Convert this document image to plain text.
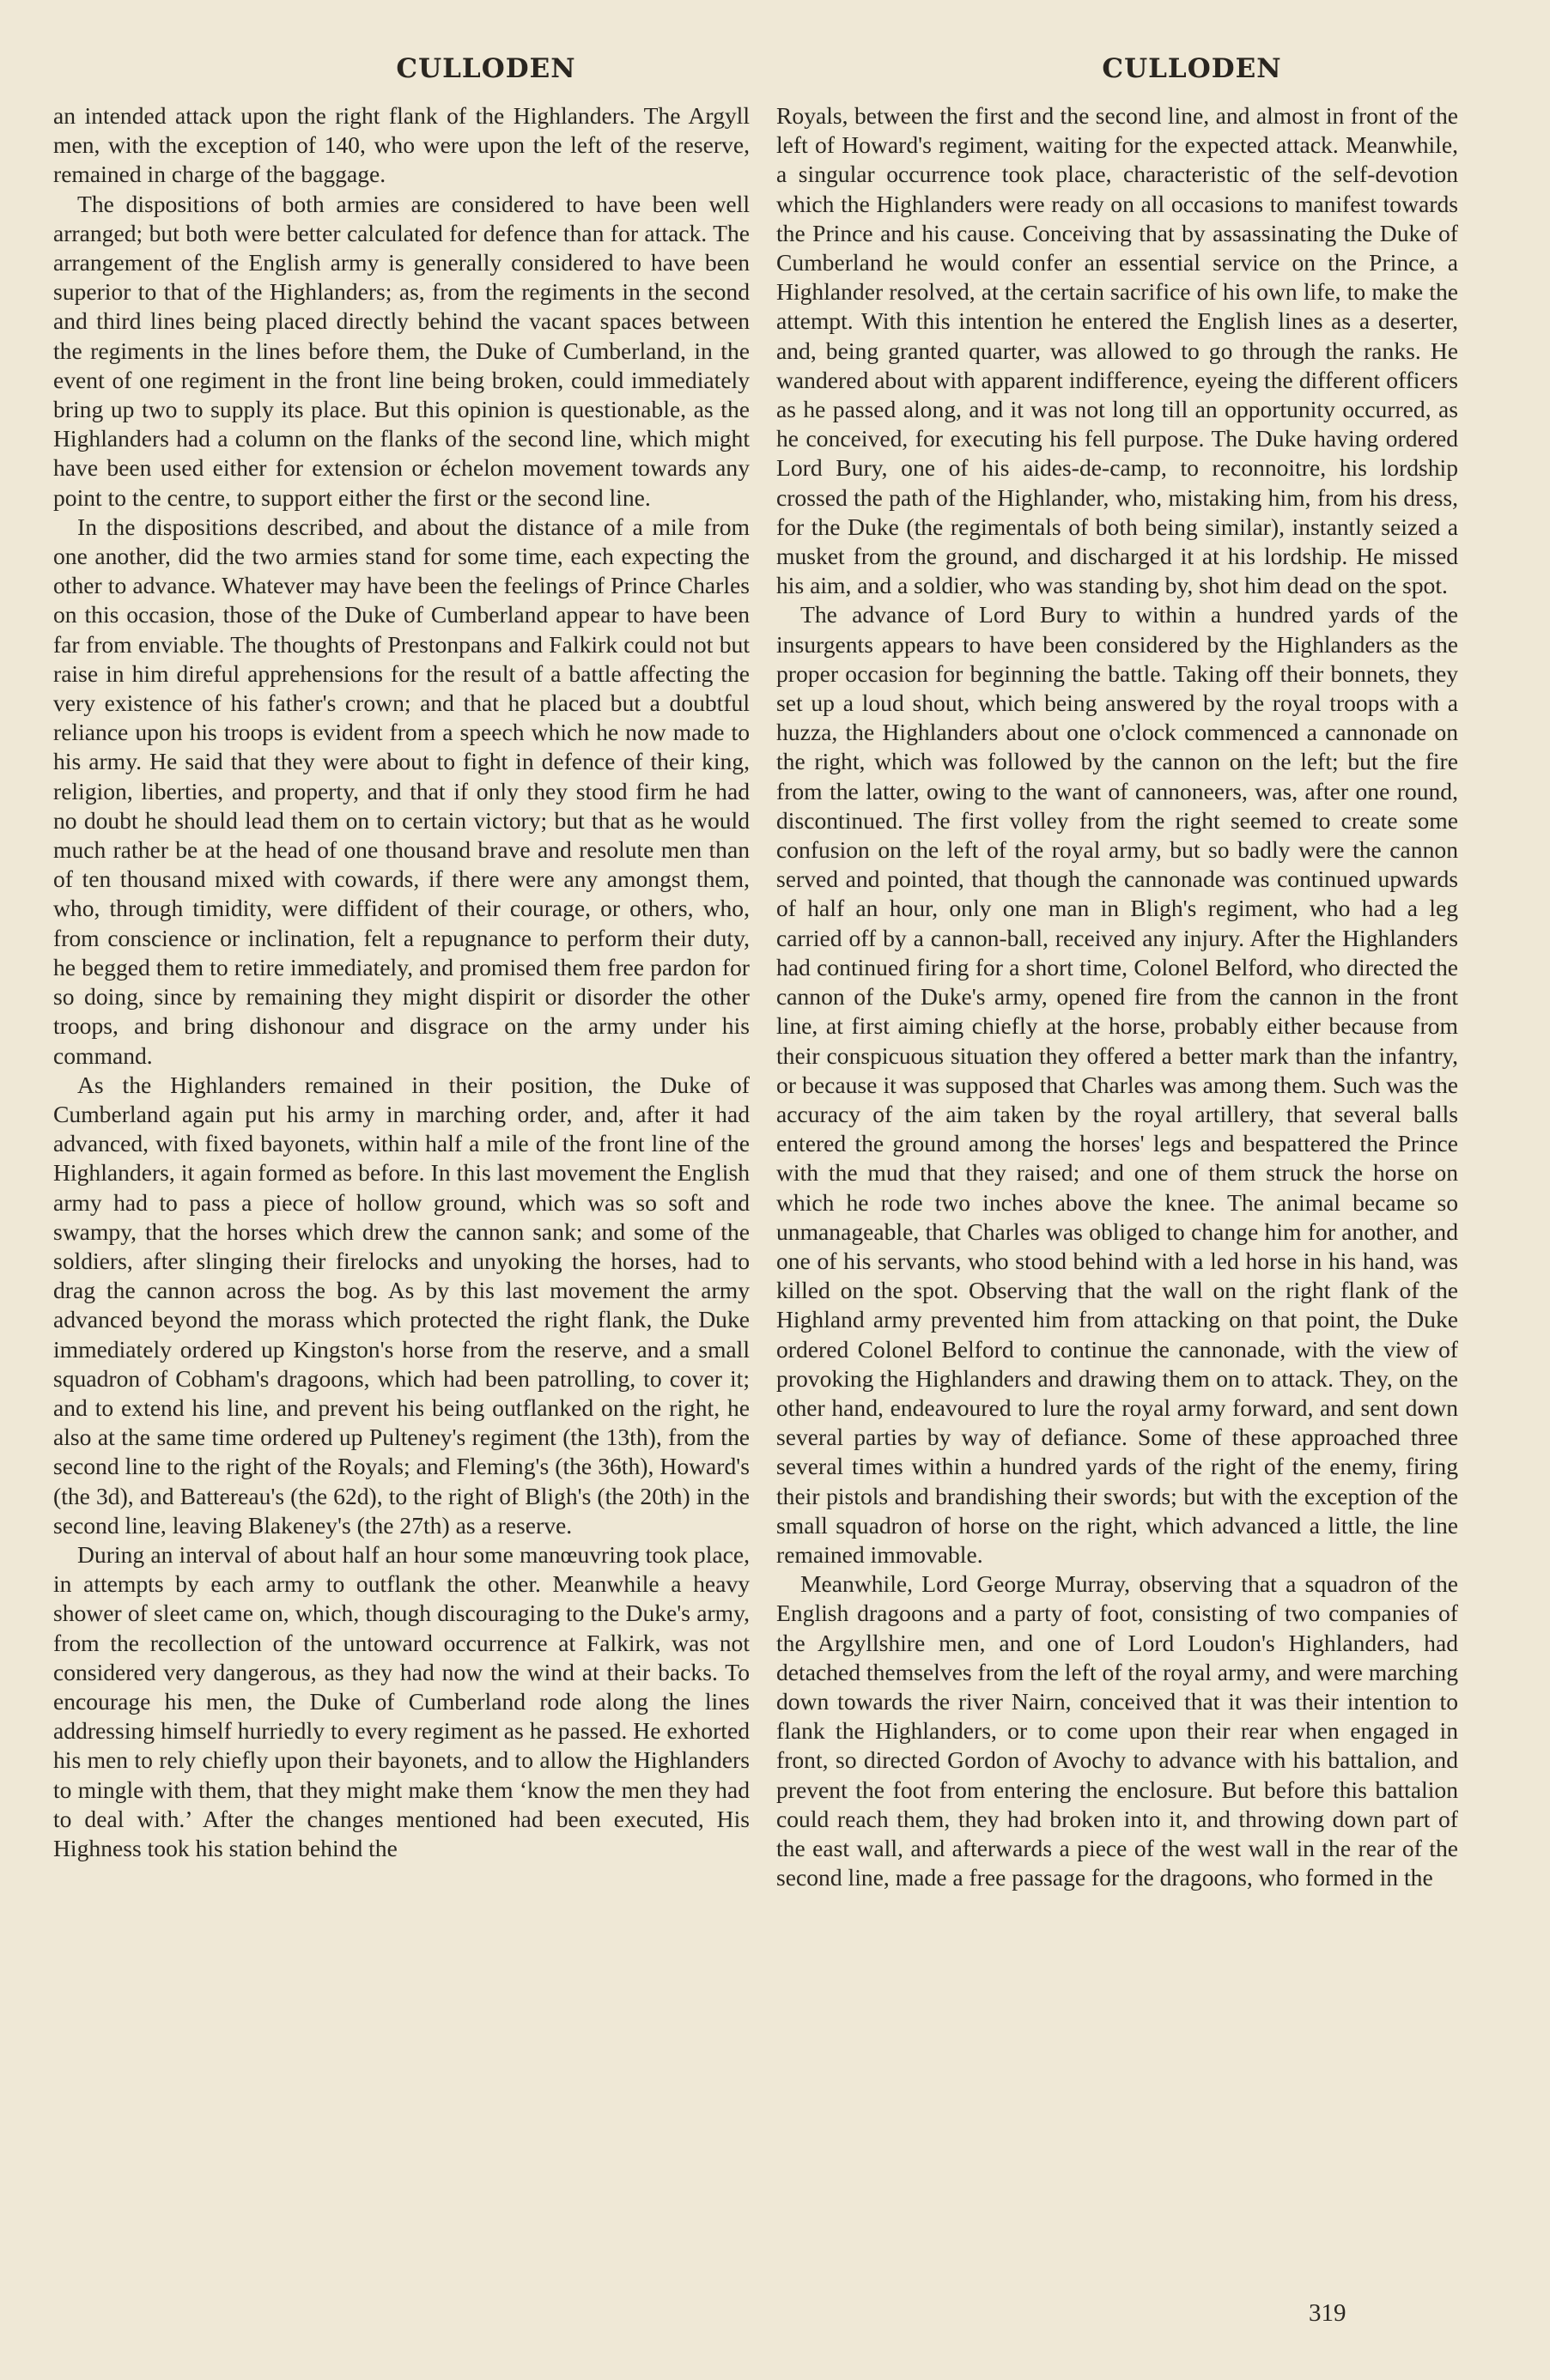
CULLODEN	CULLODEN

an intended attack upon the right flank of the Highlanders. The Argyll men, with the exception of 140, who were upon the left of the reserve, remained in charge of the baggage.

The dispositions of both armies are considered to have been well arranged; but both were better calculated for defence than for attack. The arrangement of the English army is generally considered to have been superior to that of the Highlanders; as, from the regiments in the second and third lines being placed directly behind the vacant spaces between the regiments in the lines before them, the Duke of Cumberland, in the event of one regiment in the front line being broken, could immediately bring up two to supply its place. But this opinion is questionable, as the Highlanders had a column on the flanks of the second line, which might have been used either for extension or échelon movement towards any point to the centre, to support either the first or the second line.

In the dispositions described, and about the distance of a mile from one another, did the two armies stand for some time, each expecting the other to advance. Whatever may have been the feelings of Prince Charles on this occasion, those of the Duke of Cumberland appear to have been far from enviable. The thoughts of Prestonpans and Falkirk could not but raise in him direful apprehensions for the result of a battle affecting the very existence of his father's crown; and that he placed but a doubtful reliance upon his troops is evident from a speech which he now made to his army. He said that they were about to fight in defence of their king, religion, liberties, and property, and that if only they stood firm he had no doubt he should lead them on to certain victory; but that as he would much rather be at the head of one thousand brave and resolute men than of ten thousand mixed with cowards, if there were any amongst them, who, through timidity, were diffident of their courage, or others, who, from conscience or inclination, felt a repugnance to perform their duty, he begged them to retire immediately, and promised them free pardon for so doing, since by remaining they might dispirit or disorder the other troops, and bring dishonour and disgrace on the army under his command.

As the Highlanders remained in their position, the Duke of Cumberland again put his army in marching order, and, after it had advanced, with fixed bayonets, within half a mile of the front line of the Highlanders, it again formed as before. In this last movement the English army had to pass a piece of hollow ground, which was so soft and swampy, that the horses which drew the cannon sank; and some of the soldiers, after slinging their firelocks and unyoking the horses, had to drag the cannon across the bog. As by this last movement the army advanced beyond the morass which protected the right flank, the Duke immediately ordered up Kingston's horse from the reserve, and a small squadron of Cobham's dragoons, which had been patrolling, to cover it; and to extend his line, and prevent his being outflanked on the right, he also at the same time ordered up Pulteney's regiment (the 13th), from the second line to the right of the Royals; and Fleming's (the 36th), Howard's (the 3d), and Battereau's (the 62d), to the right of Bligh's (the 20th) in the second line, leaving Blakeney's (the 27th) as a reserve.

During an interval of about half an hour some manœuvring took place, in attempts by each army to outflank the other. Meanwhile a heavy shower of sleet came on, which, though discouraging to the Duke's army, from the recollection of the untoward occurrence at Falkirk, was not considered very dangerous, as they had now the wind at their backs. To encourage his men, the Duke of Cumberland rode along the lines addressing himself hurriedly to every regiment as he passed. He exhorted his men to rely chiefly upon their bayonets, and to allow the Highlanders to mingle with them, that they might make them ‘know the men they had to deal with.’ After the changes mentioned had been executed, His Highness took his station behind the

Royals, between the first and the second line, and almost in front of the left of Howard's regiment, waiting for the expected attack. Meanwhile, a singular occurrence took place, characteristic of the self-devotion which the Highlanders were ready on all occasions to manifest towards the Prince and his cause. Conceiving that by assassinating the Duke of Cumberland he would confer an essential service on the Prince, a Highlander resolved, at the certain sacrifice of his own life, to make the attempt. With this intention he entered the English lines as a deserter, and, being granted quarter, was allowed to go through the ranks. He wandered about with apparent indifference, eyeing the different officers as he passed along, and it was not long till an opportunity occurred, as he conceived, for executing his fell purpose. The Duke having ordered Lord Bury, one of his aides-de-camp, to reconnoitre, his lordship crossed the path of the Highlander, who, mistaking him, from his dress, for the Duke (the regimentals of both being similar), instantly seized a musket from the ground, and discharged it at his lordship. He missed his aim, and a soldier, who was standing by, shot him dead on the spot.

The advance of Lord Bury to within a hundred yards of the insurgents appears to have been considered by the Highlanders as the proper occasion for beginning the battle. Taking off their bonnets, they set up a loud shout, which being answered by the royal troops with a huzza, the Highlanders about one o'clock commenced a cannonade on the right, which was followed by the cannon on the left; but the fire from the latter, owing to the want of cannoneers, was, after one round, discontinued. The first volley from the right seemed to create some confusion on the left of the royal army, but so badly were the cannon served and pointed, that though the cannonade was continued upwards of half an hour, only one man in Bligh's regiment, who had a leg carried off by a cannon-ball, received any injury. After the Highlanders had continued firing for a short time, Colonel Belford, who directed the cannon of the Duke's army, opened fire from the cannon in the front line, at first aiming chiefly at the horse, probably either because from their conspicuous situation they offered a better mark than the infantry, or because it was supposed that Charles was among them. Such was the accuracy of the aim taken by the royal artillery, that several balls entered the ground among the horses' legs and bespattered the Prince with the mud that they raised; and one of them struck the horse on which he rode two inches above the knee. The animal became so unmanageable, that Charles was obliged to change him for another, and one of his servants, who stood behind with a led horse in his hand, was killed on the spot. Observing that the wall on the right flank of the Highland army prevented him from attacking on that point, the Duke ordered Colonel Belford to continue the cannonade, with the view of provoking the Highlanders and drawing them on to attack. They, on the other hand, endeavoured to lure the royal army forward, and sent down several parties by way of defiance. Some of these approached three several times within a hundred yards of the right of the enemy, firing their pistols and brandishing their swords; but with the exception of the small squadron of horse on the right, which advanced a little, the line remained immovable.

Meanwhile, Lord George Murray, observing that a squadron of the English dragoons and a party of foot, consisting of two companies of the Argyllshire men, and one of Lord Loudon's Highlanders, had detached themselves from the left of the royal army, and were marching down towards the river Nairn, conceived that it was their intention to flank the Highlanders, or to come upon their rear when engaged in front, so directed Gordon of Avochy to advance with his battalion, and prevent the foot from entering the enclosure. But before this battalion could reach them, they had broken into it, and throwing down part of the east wall, and afterwards a piece of the west wall in the rear of the second line, made a free passage for the dragoons, who formed in the

319
